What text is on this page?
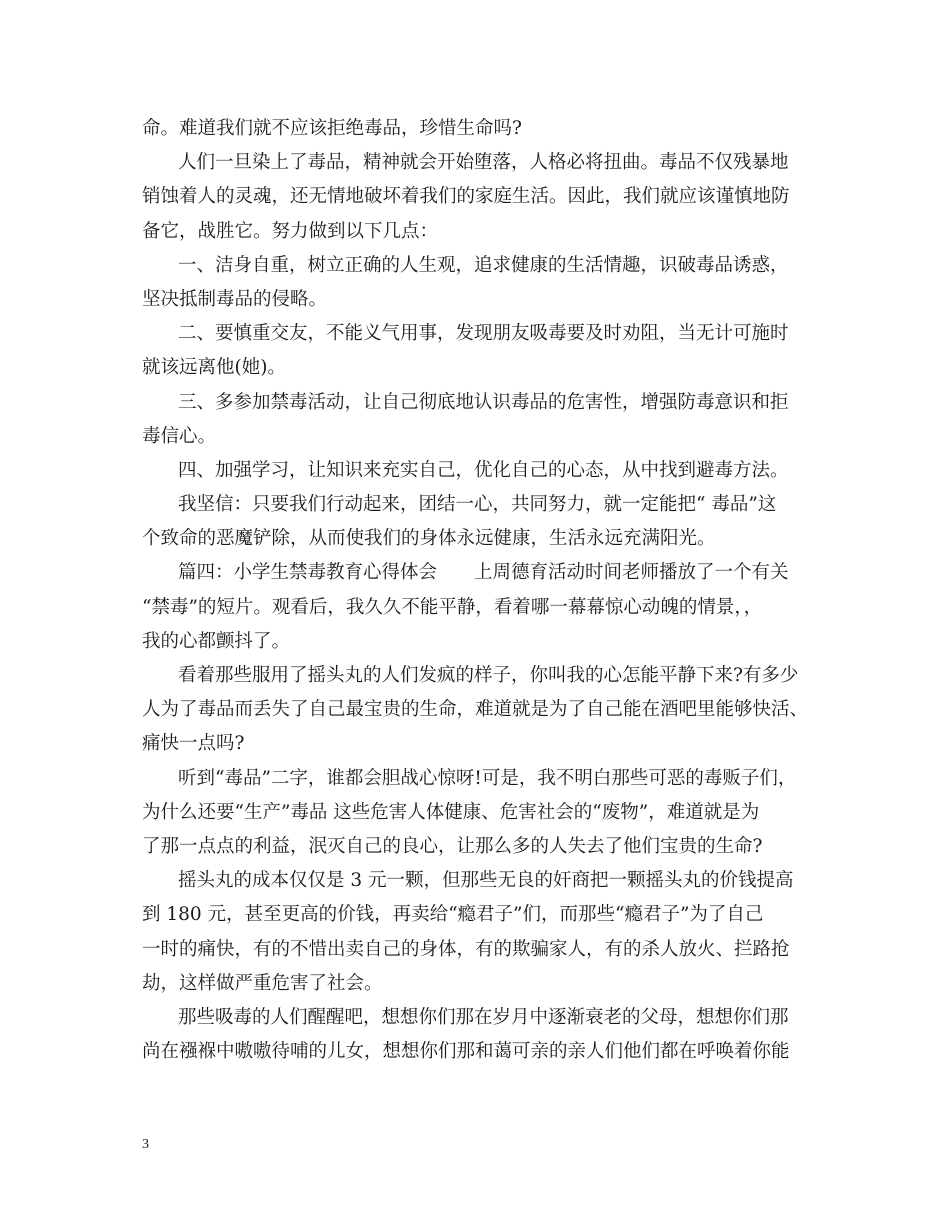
命。难道我们就不应该拒绝毒品，珍惜生命吗?
人们一旦染上了毒品，精神就会开始堕落，人格必将扭曲。毒品不仅残暴地
销蚀着人的灵魂，还无情地破坏着我们的家庭生活。因此，我们就应该谨慎地防
备它，战胜它。努力做到以下几点：
一、洁身自重，树立正确的人生观，追求健康的生活情趣，识破毒品诱惑，
坚决抵制毒品的侵略。
二、要慎重交友，不能义气用事，发现朋友吸毒要及时劝阻，当无计可施时
就该远离他(她)。
三、多参加禁毒活动，让自己彻底地认识毒品的危害性，增强防毒意识和拒
毒信心。
四、加强学习，让知识来充实自己，优化自己的心态，从中找到避毒方法。
我坚信：只要我们行动起来，团结一心，共同努力，就一定能把“ 毒品”这
个致命的恶魔铲除，从而使我们的身体永远健康，生活永远充满阳光。
篇四：小学生禁毒教育心得体会　　上周德育活动时间老师播放了一个有关
“禁毒”的短片。观看后，我久久不能平静，看着哪一幕幕惊心动魄的情景，，
我的心都颤抖了。
看着那些服用了摇头丸的人们发疯的样子，你叫我的心怎能平静下来?有多少
人为了毒品而丢失了自己最宝贵的生命，难道就是为了自己能在酒吧里能够快活、
痛快一点吗?
听到“毒品”二字，谁都会胆战心惊呀!可是，我不明白那些可恶的毒贩子们，
为什么还要“生产”毒品 这些危害人体健康、危害社会的“废物”，难道就是为
了那一点点的利益，泯灭自己的良心，让那么多的人失去了他们宝贵的生命?
摇头丸的成本仅仅是 3 元一颗，但那些无良的奸商把一颗摇头丸的价钱提高
到 180 元，甚至更高的价钱，再卖给“瘾君子”们，而那些“瘾君子”为了自己
一时的痛快，有的不惜出卖自己的身体，有的欺骗家人，有的杀人放火、拦路抢
劫，这样做严重危害了社会。
那些吸毒的人们醒醒吧，想想你们那在岁月中逐渐衰老的父母，想想你们那
尚在襁褓中嗷嗷待哺的儿女，想想你们那和蔼可亲的亲人们他们都在呼唤着你能
3
